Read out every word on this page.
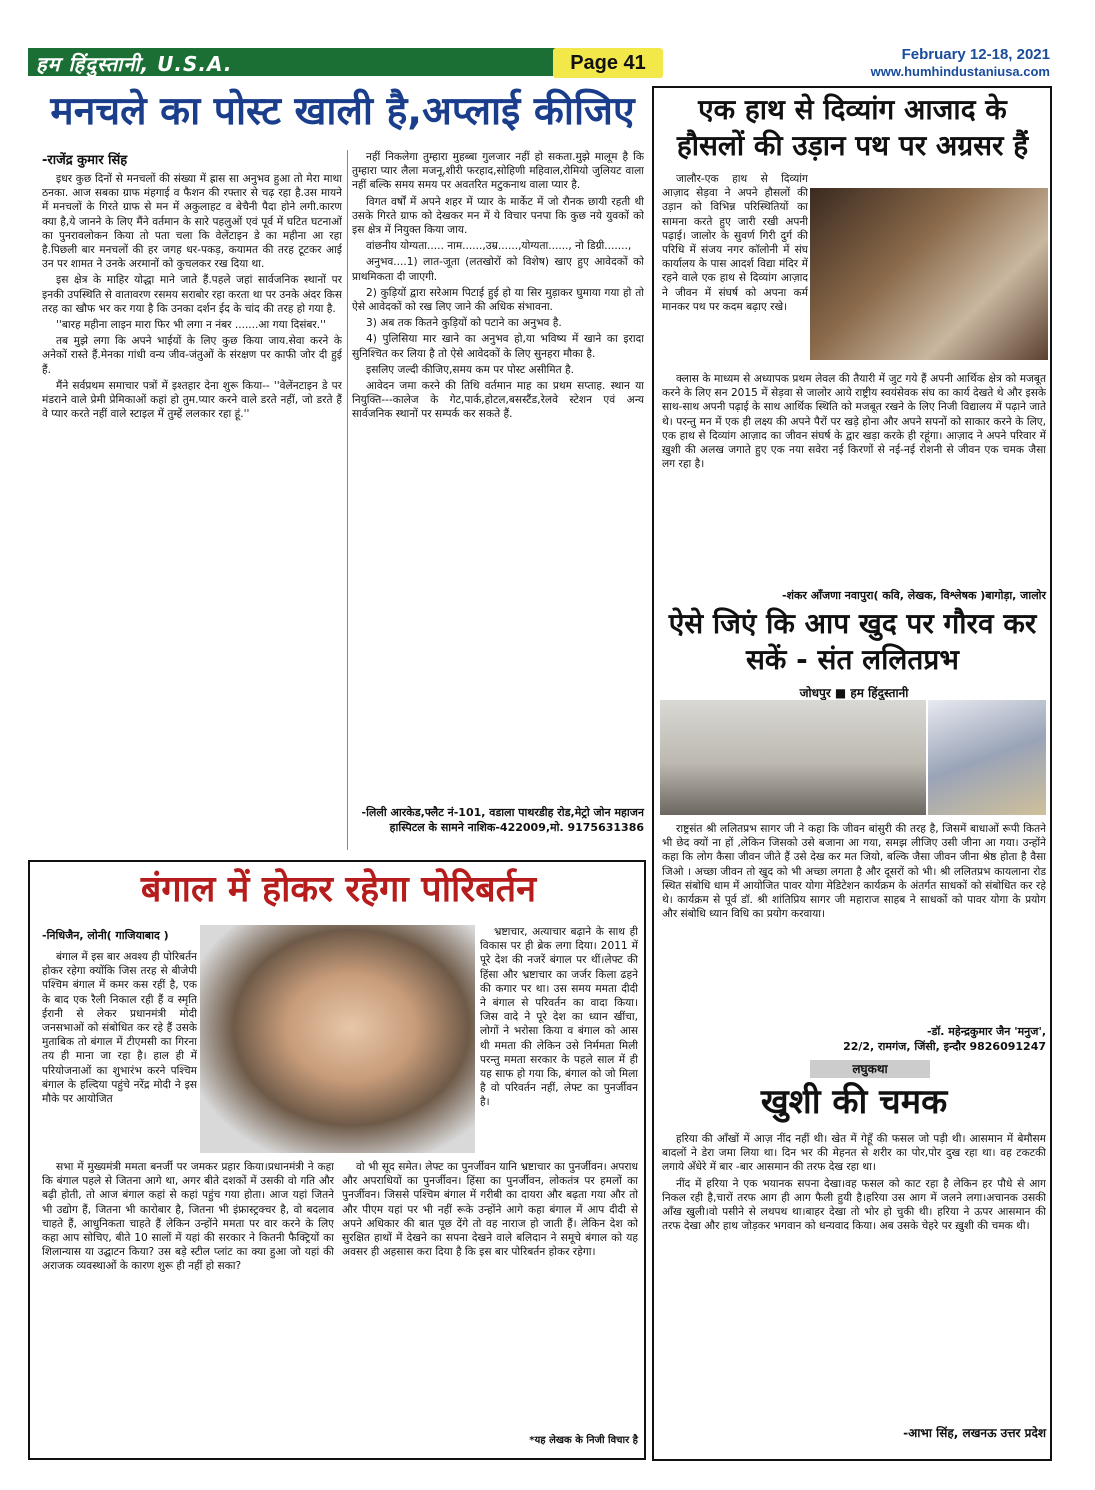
हम हिंदुस्तानी, U.S.A.	Page 41	February 12-18, 2021
www.humhindustaniusa.com
मनचले का पोस्ट खाली है,अप्लाई कीजिए
-राजेंद्र कुमार सिंह

इधर कुछ दिनों से मनचलों की संख्या में ह्रास सा अनुभव हुआ तो मेरा माथा ठनका. आज सबका ग्राफ मंहगाई व फैशन की रफ्तार से चढ़ रहा है.उस मायने में मनचलों के गिरते ग्राफ से मन में अकुलाहट व बेचैनी पैदा होने लगी.कारण क्या है,ये जानने के लिए मैंने वर्तमान के सारे पहलुओं एवं पूर्व में घटित घटनाओं का पुनरावलोकन किया तो पता चला कि वेलेंटाइन डे का महीना आ रहा है.पिछली बार मनचलों की हर जगह धर-पकड़, कयामत की तरह टूटकर आई उन पर शामत ने उनके अरमानों को कुचलकर रख दिया था.

इस क्षेत्र के माहिर योद्धा माने जाते हैं.पहले जहां सार्वजनिक स्थानों पर इनकी उपस्थिति से वातावरण रसमय सराबोर रहा करता था पर उनके अंदर किस तरह का खौफ भर कर गया है कि उनका दर्शन ईद के चांद की तरह हो गया है.

''बारह महीना लाइन मारा फिर भी लगा न नंबर .......आ गया दिसंबर.''

तब मुझे लगा कि अपने भाईयों के लिए कुछ किया जाय.सेवा करने के अनेकों रास्ते हैं.मेनका गांधी वन्य जीव-जंतुओं के संरक्षण पर काफी जोर दी हुई हैं.

मैंने सर्वप्रथम समाचार पत्रों में इश्तहार देना शुरू किया-- ''वेलेंनटाइन डे पर मंडराने वाले प्रेमी प्रेमिकाओं कहां हो तुम.प्यार करने वाले डरते नहीं, जो डरते हैं वे प्यार करते नहीं वाले स्टाइल में तुम्हें ललकार रहा हूं.''

नहीं निकलेगा तुम्हारा मुहब्बा गुलजार नहीं हो सकता.मुझे मालूम है कि तुम्हारा प्यार लैला मजनू,शीरी फरहाद,सोहिणी महिवाल,रोमियो जुलियट वाला नहीं बल्कि समय समय पर अवतरित मटुकनाथ वाला प्यार है.

विगत वर्षों में अपने शहर में प्यार के मार्केट में जो रौनक छायी रहती थी उसके गिरते ग्राफ को देखकर मन में ये विचार पनपा कि कुछ नये युवकों को इस क्षेत्र में नियुक्त किया जाय.

वांछनीय योग्यता..... नाम......,उम्र......,योग्यता......, नो डिग्री.......,

अनुभव....1) लात-जूता (लतखोरों को विशेष) खाए हुए आवेदकों को प्राथमिकता दी जाएगी.

2) कुड़ियों द्वारा सरेआम पिटाई हुई हो या सिर मुड़ाकर घुमाया गया हो तो ऐसे आवेदकों को रख लिए जाने की अधिक संभावना.

3) अब तक कितने कुड़ियों को पटाने का अनुभव है.

4) पुलिसिया मार खाने का अनुभव हो,या भविष्य में खाने का इरादा सुनिश्चित कर लिया है तो ऐसे आवेदकों के लिए सुनहरा मौका है.

इसलिए जल्दी कीजिए,समय कम पर पोस्ट असीमित है.

आवेदन जमा करने की तिथि वर्तमान माह का प्रथम सप्ताह. स्थान या नियुक्ति---कालेज के गेट,पार्क,होटल,बसस्टैंड,रेलवे स्टेशन एवं अन्य सार्वजनिक स्थानों पर सम्पर्क कर सकते हैं.

-लिली आरकेड,फ्लैट नं-101, वडाला पाथरडीह रोड,मेट्रो जोन महाजन हास्पिटल के सामने नाशिक-422009,मो. 9175631386
एक हाथ से दिव्यांग आजाद के हौसलों की उड़ान पथ पर अग्रसर हैं

जालौर-एक हाथ से दिव्यांग आज़ाद सेड़वा ने अपने हौसलों की उड़ान को विभिन्न परिस्थितियों का सामना करते हुए जारी रखी अपनी पढ़ाई। जालोर के सुवर्ण गिरी दुर्ग की परिधि में संजय नगर कॉलोनी में संघ कार्यालय के पास आदर्श विद्या मंदिर में रहने वाले एक हाथ से दिव्यांग आज़ाद ने जीवन में संघर्ष को अपना कर्म मानकर पथ पर कदम बढ़ाए रखे।

क्लास के माध्यम से अध्यापक प्रथम लेवल की तैयारी में जुट गये हैं अपनी आर्थिक क्षेत्र को मजबूत करने के लिए सन 2015 में सेड़वा से जालोर आये राष्ट्रीय स्वयंसेवक संघ का कार्य देखते थे और इसके साथ-साथ अपनी पढ़ाई के साथ आर्थिक स्थिति को मजबूत रखने के लिए निजी विद्यालय में पढ़ाने जाते थे। परन्तु मन में एक ही लक्ष्य की अपने पैरों पर खड़े होना और अपने सपनों को साकार करने के लिए, एक हाथ से दिव्यांग आज़ाद का जीवन संघर्ष के द्वार खड़ा करके ही रहूंगा। आज़ाद ने अपने परिवार में ख़ुशी की अलख जगाते हुए एक नया सवेरा नई किरणों से नई-नई रोशनी से जीवन एक चमक जैसा लग रहा है।

-शंकर आँजणा नवापुरा( कवि, लेखक, विश्लेषक )बागोड़ा, जालोर
ऐसे जिएं कि आप खुद पर गौरव कर सकें - संत ललितप्रभ
जोधपुर ■ हम हिंदुस्तानी

राष्ट्रसंत श्री ललितप्रभ सागर जी ने कहा कि जीवन बांसुरी की तरह है, जिसमें बाधाओं रूपी कितने भी छेद क्यों ना हों ,लेकिन जिसको उसे बजाना आ गया, समझ लीजिए उसी जीना आ गया। उन्होंने कहा कि लोग कैसा जीवन जीते हैं उसे देख कर मत जियो, बल्कि जैसा जीवन जीना श्रेष्ठ होता है वैसा जिओ । अच्छा जीवन तो खुद को भी अच्छा लगता है और दूसरों को भी। श्री ललितप्रभ कायलाना रोड स्थित संबोधि धाम में आयोजित पावर योगा मेडिटेशन कार्यक्रम के अंतर्गत साधकों को संबोधित कर रहे थे। कार्यक्रम से पूर्व डॉ. श्री शांतिप्रिय सागर जी महाराज साहब ने साधकों को पावर योगा के प्रयोग और संबोधि ध्यान विधि का प्रयोग करवाया।

-डॉ. महेन्द्रकुमार जैन 'मनुज',
22/2, रामगंज, जिंसी, इन्दौर 9826091247
लघुकथा
खुशी की चमक

हरिया की आँखों में आज़ नींद नहीं थी। खेत में गेहूँ की फसल जो पड़ी थी। आसमान में बेमौसम बादलों ने डेरा जमा लिया था। दिन भर की मेहनत से शरीर का पोर,पोर दुख रहा था। वह टकटकी लगाये अँधेरे में बार -बार आसमान की तरफ देख रहा था।

नींद में हरिया ने एक भयानक सपना देखा।वह फसल को काट रहा है लेकिन हर पौधे से आग निकल रही है,चारों तरफ आग ही आग फैली हुयी है।हरिया उस आग में जलने लगा।अचानक उसकी आँख खुली।वो पसीने से लथपथ था।बाहर देखा तो भोर हो चुकी थी। हरिया ने ऊपर आसमान की तरफ देखा और हाथ जोड़कर भगवान को धन्यवाद किया। अब उसके चेहरे पर ख़ुशी की चमक थी।

-आभा सिंह, लखनऊ उत्तर प्रदेश
बंगाल में होकर रहेगा पोरिबर्तन
-निधिजैन, लोनी( गाजियाबाद )

बंगाल में इस बार अवश्य ही पोरिबर्तन होकर रहेगा क्योंकि जिस तरह से बीजेपी पश्चिम बंगाल में कमर कस रहीं है, एक के बाद एक रैली निकाल रही हैं व स्मृति ईरानी से लेकर प्रधानमंत्री मोदी जनसभाओं को संबोधित कर रहे हैं उसके मुताबिक तो बंगाल में टीएमसी का गिरना तय ही माना जा रहा है। हाल ही में परियोजनाओं का शुभारंभ करने पश्चिम बंगाल के हल्दिया पहुंचे नरेंद्र मोदी ने इस मौके पर आयोजित

भ्रष्टाचार, अत्याचार बढ़ाने के साथ ही विकास पर ही ब्रेक लगा दिया। 2011 में पूरे देश की नजरें बंगाल पर थीं।लेफ्ट की हिंसा और भ्रष्टाचार का जर्जर किला ढहने की कगार पर था। उस समय ममता दीदी ने बंगाल से परिवर्तन का वादा किया। जिस वादे ने पूरे देश का ध्यान खींचा, लोगों ने भरोसा किया व बंगाल को आस थी ममता की लेकिन उसे निर्ममता मिली परन्तु ममता सरकार के पहले साल में ही यह साफ हो गया कि, बंगाल को जो मिला है वो परिवर्तन नहीं, लेफ्ट का पुनर्जीवन है।

सभा में मुख्यमंत्री ममता बनर्जी पर जमकर प्रहार किया।प्रधानमंत्री ने कहा कि बंगाल पहले से जितना आगे था, अगर बीते दशकों में उसकी वो गति और बढ़ी होती, तो आज बंगाल कहां से कहां पहुंच गया होता। आज यहां जितने भी उद्योग हैं, जितना भी कारोबार है, जितना भी इंफ्रास्ट्रक्चर है, वो बदलाव चाहते हैं, आधुनिकता चाहते हैं लेकिन उन्होंने ममता पर वार करने के लिए कहा आप सोचिए, बीते 10 सालों में यहां की सरकार ने कितनी फैक्ट्रियों का शिलान्यास या उद्घाटन किया? उस बड़े स्टील प्लांट का क्या हुआ जो यहां की अराजक व्यवस्थाओं के कारण शुरू ही नहीं हो सका?

वो भी सूद समेत। लेफ्ट का पुनर्जीवन यानि भ्रष्टाचार का पुनर्जीवन। अपराध और अपराधियों का पुनर्जीवन। हिंसा का पुनर्जीवन, लोकतंत्र पर हमलों का पुनर्जीवन। जिससे पश्चिम बंगाल में गरीबी का दायरा और बढ़ता गया और तो और पीएम यहां पर भी नहीं रूके उन्होंने आगे कहा बंगाल में आप दीदी से अपने अधिकार की बात पूछ देंगे तो वह नाराज हो जाती हैं। लेकिन देश को सुरक्षित हाथों में देखने का सपना देखने वाले बलिदान ने समूचे बंगाल को यह अवसर ही अहसास करा दिया है कि इस बार पोरिबर्तन होकर रहेगा।

*यह लेखक के निजी विचार है
